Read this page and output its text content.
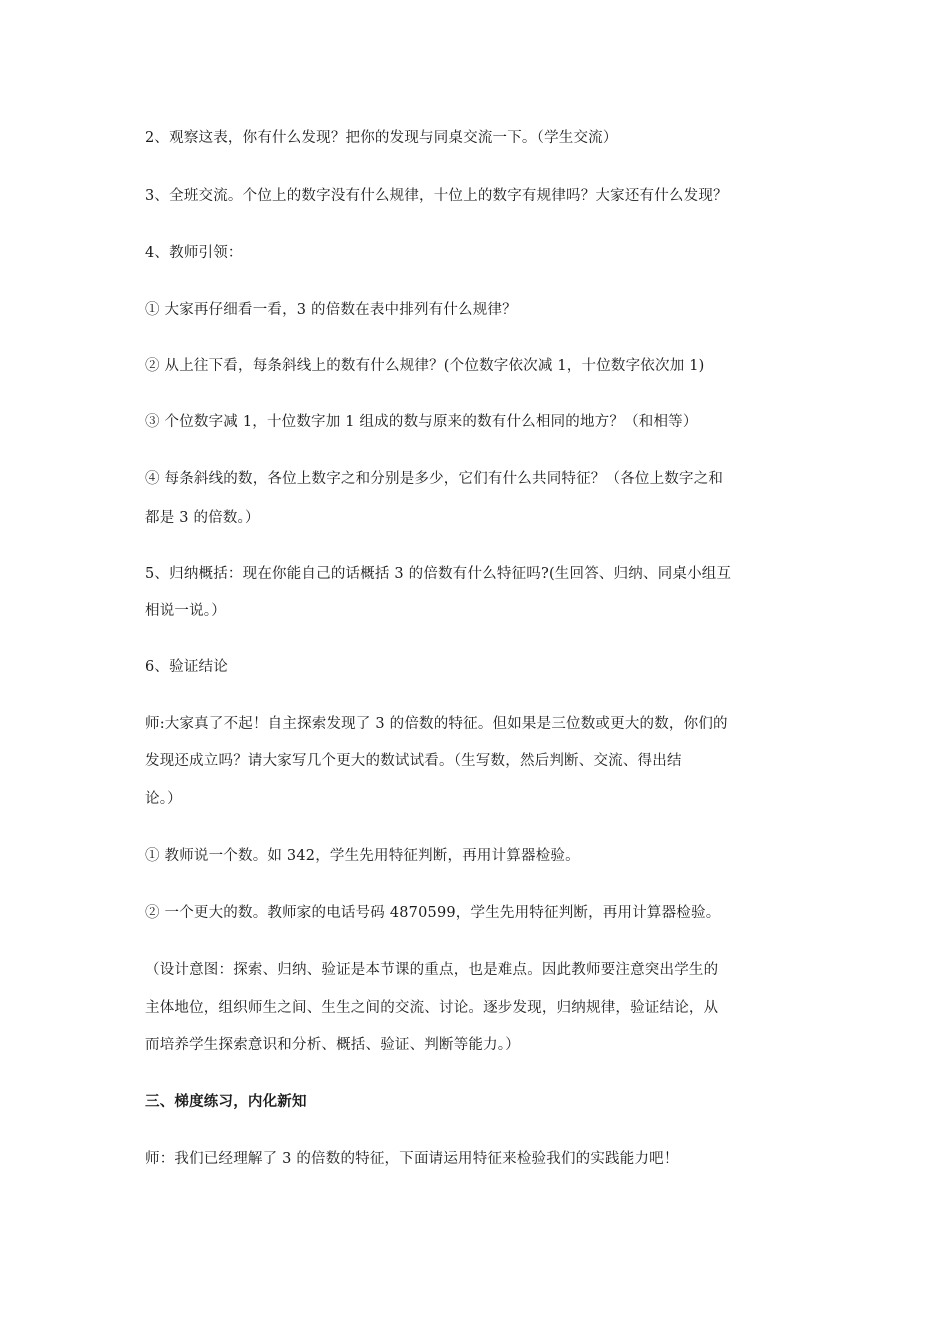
2、观察这表，你有什么发现？把你的发现与同桌交流一下。（学生交流）
3、全班交流。个位上的数字没有什么规律，十位上的数字有规律吗？大家还有什么发现？
4、教师引领：
① 大家再仔细看一看，3 的倍数在表中排列有什么规律？
② 从上往下看，每条斜线上的数有什么规律？(个位数字依次减 1，十位数字依次加 1)
③ 个位数字减 1，十位数字加 1 组成的数与原来的数有什么相同的地方？（和相等）
④ 每条斜线的数，各位上数字之和分别是多少，它们有什么共同特征？（各位上数字之和
都是 3 的倍数。）
5、归纳概括：现在你能自己的话概括 3 的倍数有什么特征吗?(生回答、归纳、同桌小组互
相说一说。）
6、验证结论
师:大家真了不起！自主探索发现了 3 的倍数的特征。但如果是三位数或更大的数，你们的
发现还成立吗？请大家写几个更大的数试试看。（生写数，然后判断、交流、得出结
论。）
① 教师说一个数。如 342，学生先用特征判断，再用计算器检验。
② 一个更大的数。教师家的电话号码 4870599，学生先用特征判断，再用计算器检验。
（设计意图：探索、归纳、验证是本节课的重点，也是难点。因此教师要注意突出学生的
主体地位，组织师生之间、生生之间的交流、讨论。逐步发现，归纳规律，验证结论，从
而培养学生探索意识和分析、概括、验证、判断等能力。）
三、梯度练习，内化新知
师：我们已经理解了 3 的倍数的特征，下面请运用特征来检验我们的实践能力吧！
